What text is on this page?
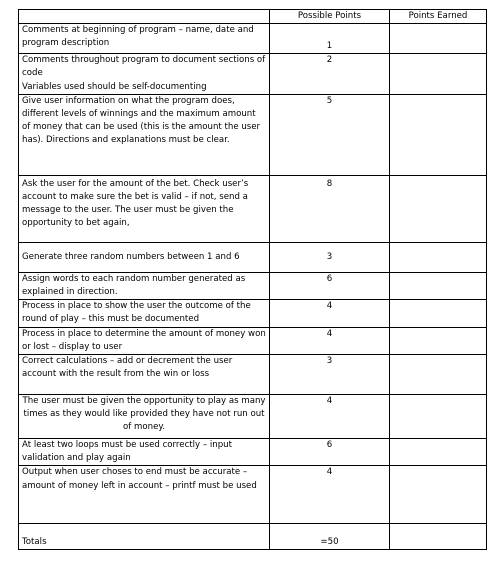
	Possible Points	Points Earned
Comments at beginning of program – name, date and program description	1	

Comments throughout program to document sections of code
Variables used should be self-documenting	2	
Give user information on what the program does, different levels of winnings and the maximum amount of money that can be used (this is the amount the user has). Directions and explanations must be clear.	5	
Ask the user for the amount of the bet. Check user’s account to make sure the bet is valid – if not, send a message to the user. The user must be given the opportunity to bet again,	8	
Generate three random numbers between 1 and 6	3	
Assign words to each random number generated as explained in direction.	6	
Process in place to show the user the outcome of the round of play – this must be documented	4	
Process in place to determine the amount of money won or lost – display to user	4	
Correct calculations – add or decrement the user account with the result from the win or loss	3	
The user must be given the opportunity to play as many times as they would like provided they have not run out of money.	4	
At least two loops must be used correctly – input validation and play again	6	
Output when user choses to end must be accurate – amount of money left in account – printf must be used	4	
Totals	=50	
